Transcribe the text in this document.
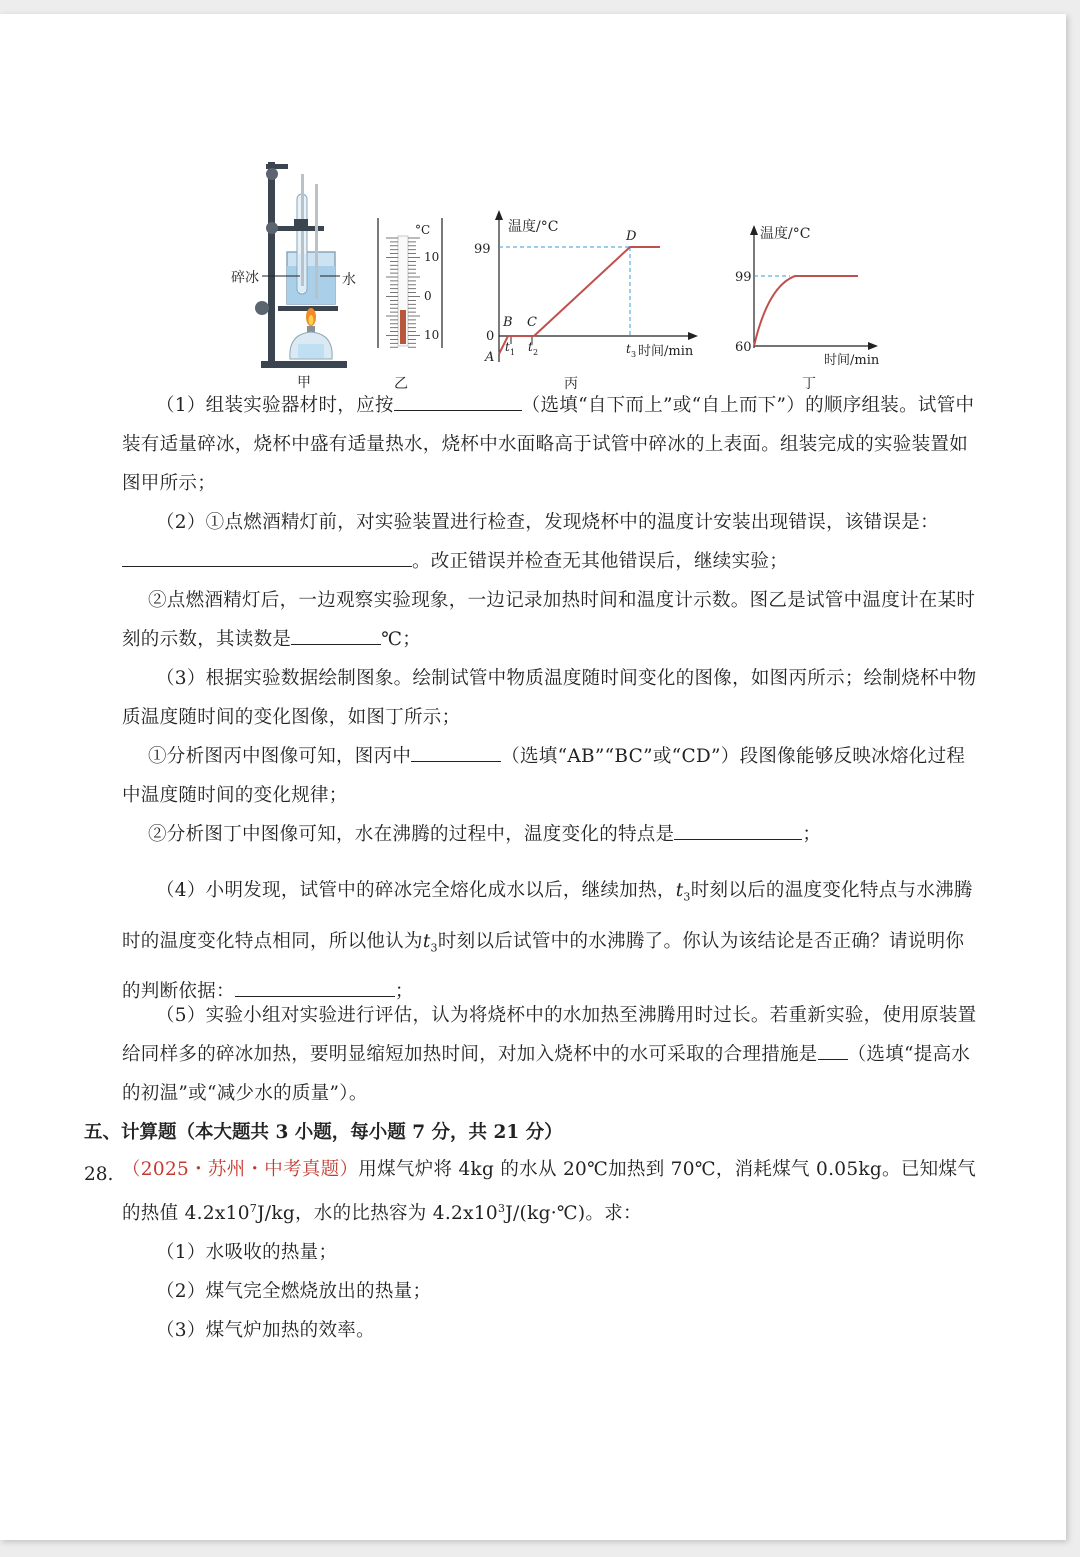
碎冰	水
甲
°C
10
0
10
乙
温度/°C
99
0
A
B C
D
t 1 t 2	t 3 时间/min
丙
温度/°C
99
60
时间/min
丁
（1）组装实验器材时，应按	（选填“自下而上”或“自上而下”）的顺序组装。试管中装有适量碎冰，烧杯中盛有适量热水，烧杯中水面略高于试管中碎冰的上表面。组装完成的实验装置如图甲所示；
（2）①点燃酒精灯前，对实验装置进行检查，发现烧杯中的温度计安装出现错误，该错误是：。改正错误并检查无其他错误后，继续实验；
②点燃酒精灯后，一边观察实验现象，一边记录加热时间和温度计示数。图乙是试管中温度计在某时刻的示数，其读数是	℃；
（3）根据实验数据绘制图象。绘制试管中物质温度随时间变化的图像，如图丙所示；绘制烧杯中物质温度随时间的变化图像，如图丁所示；
①分析图丙中图像可知，图丙中	（选填“AB”“BC”或“CD”）段图像能够反映冰熔化过程中温度随时间的变化规律；
②分析图丁中图像可知，水在沸腾的过程中，温度变化的特点是	；
（4）小明发现，试管中的碎冰完全熔化成水以后，继续加热，$t_3$时刻以后的温度变化特点与水沸腾时的温度变化特点相同，所以他认为$t_3$时刻以后试管中的水沸腾了。你认为该结论是否正确？请说明你的判断依据：	；
（5）实验小组对实验进行评估，认为将烧杯中的水加热至沸腾用时过长。若重新实验，使用原装置给同样多的碎冰加热，要明显缩短加热时间，对加入烧杯中的水可采取的合理措施是 （选填“提高水的初温”或“减少水的质量”）。
五、计算题（本大题共 3 小题，每小题 7 分，共 21 分）
28. （2025・苏州・中考真题）用煤气炉将 4kg 的水从 20℃加热到 70℃，消耗煤气 0.05kg。已知煤气的热值 $4.2x10^7J/kg$，水的比热容为 $4.2x10^3J/(kg\cdot℃)$。求：
（1）水吸收的热量；
（2）煤气完全燃烧放出的热量；
（3）煤气炉加热的效率。
